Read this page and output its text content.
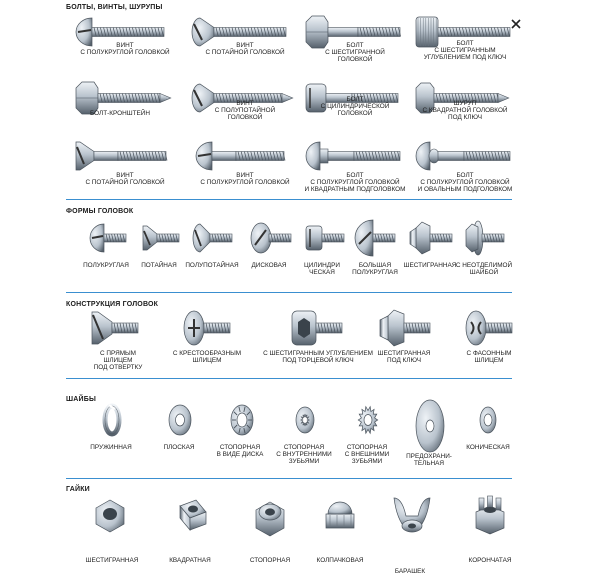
БОЛТЫ, ВИНТЫ, ШУРУПЫ
ФОРМЫ ГОЛОВОК
КОНСТРУКЦИЯ ГОЛОВОК
ШАЙБЫ
ГАЙКИ
ВИНТ
С ПОЛУКРУГЛОЙ ГОЛОВКОЙ
ВИНТ
С ПОТАЙНОЙ ГОЛОВКОЙ
БОЛТ
С ШЕСТИГРАННОЙ
ГОЛОВКОЙ
БОЛТ
С ШЕСТИГРАННЫМ
УГЛУБЛЕНИЕМ ПОД КЛЮЧ
БОЛТ-КРОНШТЕЙН
ВИНТ
С ПОЛУПОТАЙНОЙ
ГОЛОВКОЙ
БОЛТ
С ЦИЛИНДРИЧЕСКОЙ
ГОЛОВКОЙ
ШУРУП
С КВАДРАТНОЙ ГОЛОВКОЙ
ПОД КЛЮЧ
ВИНТ
С ПОТАЙНОЙ ГОЛОВКОЙ
ВИНТ
С ПОЛУКРУГЛОЙ ГОЛОВКОЙ
БОЛТ
С ПОЛУКРУГЛОЙ ГОЛОВКОЙ
И КВАДРАТНЫМ ПОДГОЛОВКОМ
БОЛТ
С ПОЛУКРУГЛОЙ ГОЛОВКОЙ
И ОВАЛЬНЫМ ПОДГОЛОВКОМ
ПОЛУКРУГЛАЯ ПОТАЙНАЯ ПОЛУПОТАЙНАЯ ДИСКОВАЯ	ЦИЛИНДРИ
ЧЕСКАЯ
БОЛЬШАЯ
ПОЛУКРУГЛАЯ
ШЕСТИГРАННАЯ С НЕОТДЕЛИМОЙ
ШАЙБОЙ
С ПРЯМЫМ
ШЛИЦЕМ
ПОД ОТВЕРТКУ
С КРЕСТООБРАЗНЫМ
ШЛИЦЕМ
С ШЕСТИГРАННЫМ УГЛУБЛЕНИЕМ
ПОД ТОРЦЕВОЙ КЛЮЧ
ШЕСТИГРАННАЯ
ПОД КЛЮЧ
С ФАСОННЫМ
ШЛИЦЕМ
ПРУЖИННАЯ	ПЛОСКАЯ	СТОПОРНАЯ
В ВИДЕ ДИСКА
СТОПОРНАЯ
С ВНУТРЕННИМИ
ЗУБЬЯМИ
СТОПОРНАЯ
С ВНЕШНИМИ
ЗУБЬЯМИ
ПРЕДОХРАНИ-
ТЕЛЬНАЯ
КОНИЧЕСКАЯ
ШЕСТИГРАННАЯ	КВАДРАТНАЯ	СТОПОРНАЯ	КОЛПАЧКОВАЯ
БАРАШЕК
КОРОНЧАТАЯ
